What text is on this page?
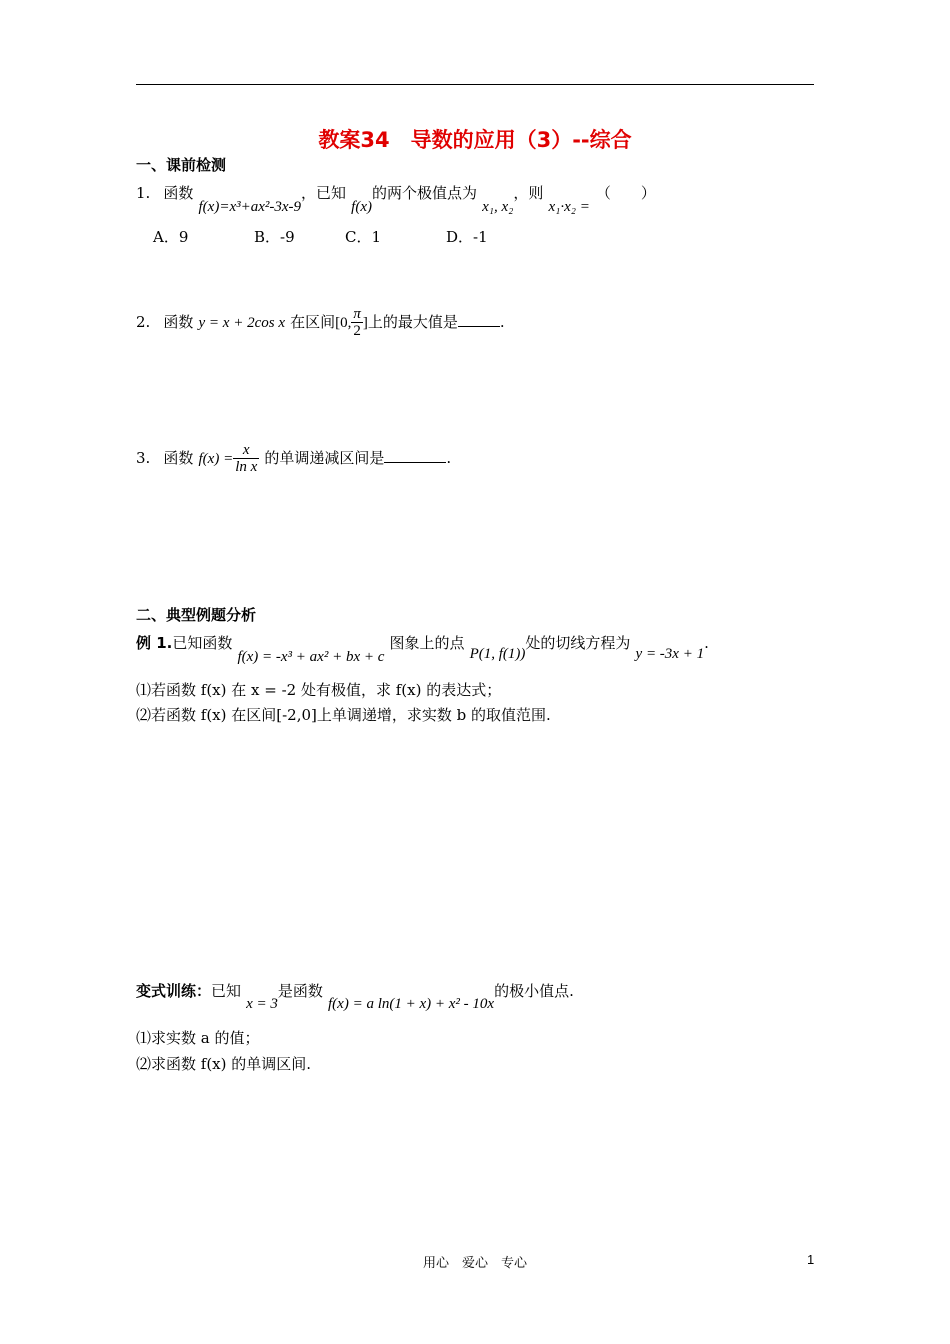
教案34　导数的应用（3）--综合
一、课前检测
1. 函数 f(x)=x³+ax²-3x-9，已知 f(x)的两个极值点为 x₁, x₂，则 x₁·x₂ =（　　）
A．9	B．-9	C．1	D．-1
2. 函数 y = x + 2cos x 在区间[0, $\frac{\pi}{2}$ ]上的最大值是	.
3. 函数 $f(x) = \frac{x}{\text{ln x}}$ 的单调递减区间是	.
二、典型例题分析
例 1.已知函数 f(x) = -x³ + ax² + bx + c 图象上的点 P(1, f(1))处的切线方程为 y = -3x + 1.
⑴若函数 f(x) 在 x = -2 处有极值，求 f(x) 的表达式；
⑵若函数 f(x) 在区间[-2,0]上单调递增，求实数 b 的取值范围.
变式训练：已知 x = 3是函数 f(x) = a ln(1 + x) + x² - 10x的极小值点.
⑴求实数 a 的值；
⑵求函数 f(x) 的单调区间.
用心　爱心　专心	1
